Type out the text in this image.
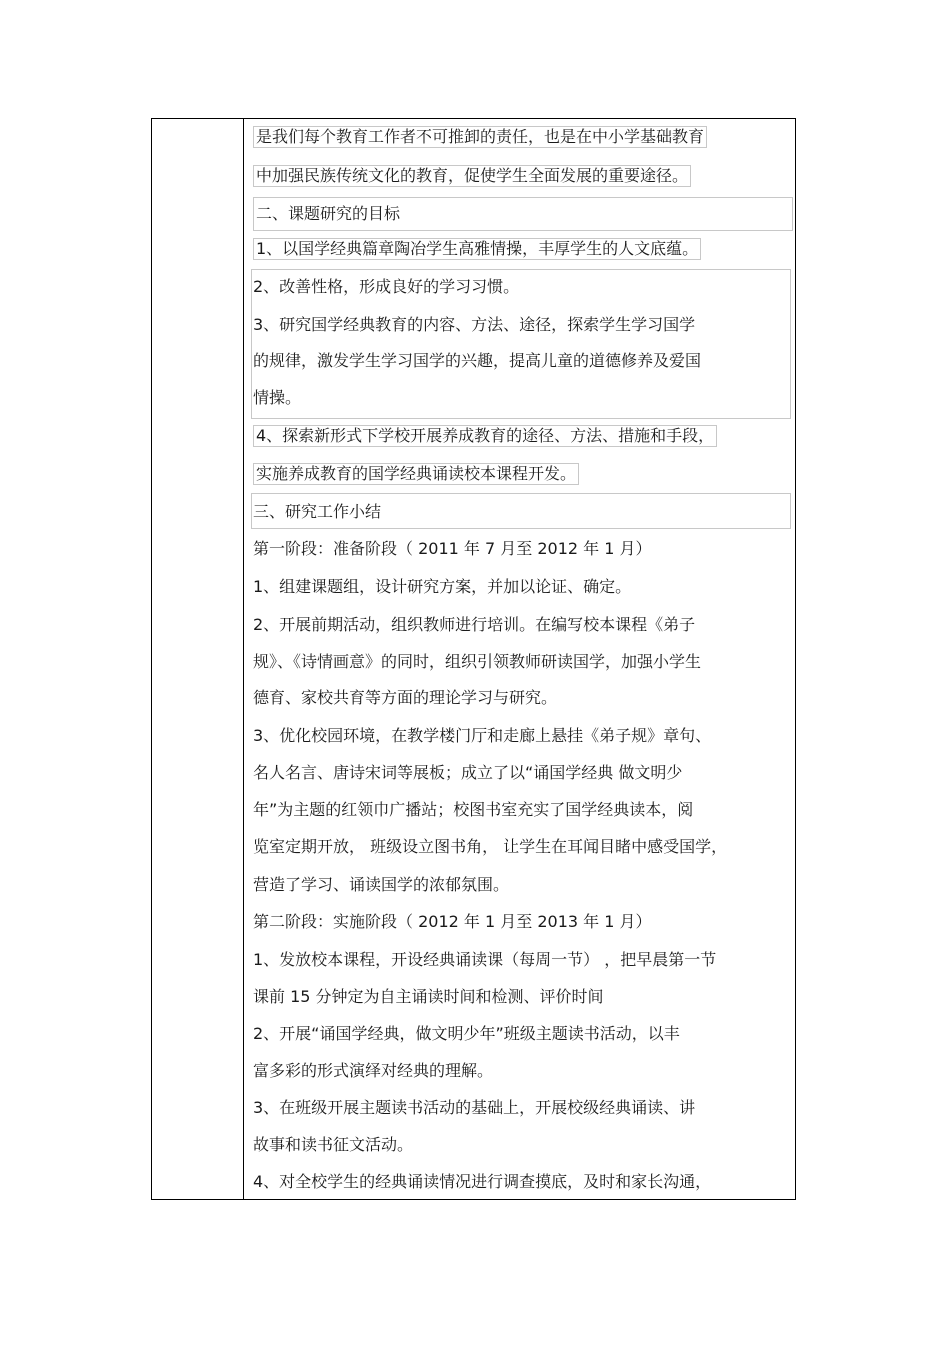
是我们每个教育工作者不可推卸的责任，也是在中小学基础教育
中加强民族传统文化的教育，促使学生全面发展的重要途径。
二、课题研究的目标
1、以国学经典篇章陶冶学生高雅情操，丰厚学生的人文底蕴。
2、改善性格，形成良好的学习习惯。
3、研究国学经典教育的内容、方法、途径，探索学生学习国学
的规律，激发学生学习国学的兴趣，提高儿童的道德修养及爱国
情操。
4、探索新形式下学校开展养成教育的途径、方法、措施和手段，
实施养成教育的国学经典诵读校本课程开发。
三、研究工作小结
第一阶段：准备阶段（ 2011 年 7 月至 2012 年 1 月）
1、组建课题组，设计研究方案，并加以论证、确定。
2、开展前期活动，组织教师进行培训。在编写校本课程《弟子
规》、《诗情画意》的同时，组织引领教师研读国学，加强小学生
德育、家校共育等方面的理论学习与研究。
3、优化校园环境，在教学楼门厅和走廊上悬挂《弟子规》章句、
名人名言、唐诗宋词等展板；成立了以“诵国学经典 做文明少
年”为主题的红领巾广播站；校图书室充实了国学经典读本，阅
览室定期开放， 班级设立图书角， 让学生在耳闻目睹中感受国学，
营造了学习、诵读国学的浓郁氛围。
第二阶段：实施阶段（ 2012 年 1 月至 2013 年 1 月）
1、发放校本课程，开设经典诵读课（每周一节） ，把早晨第一节
课前 15 分钟定为自主诵读时间和检测、评价时间
2、开展“诵国学经典，做文明少年”班级主题读书活动，以丰
富多彩的形式演绎对经典的理解。
3、在班级开展主题读书活动的基础上，开展校级经典诵读、讲
故事和读书征文活动。
4、对全校学生的经典诵读情况进行调查摸底，及时和家长沟通，
